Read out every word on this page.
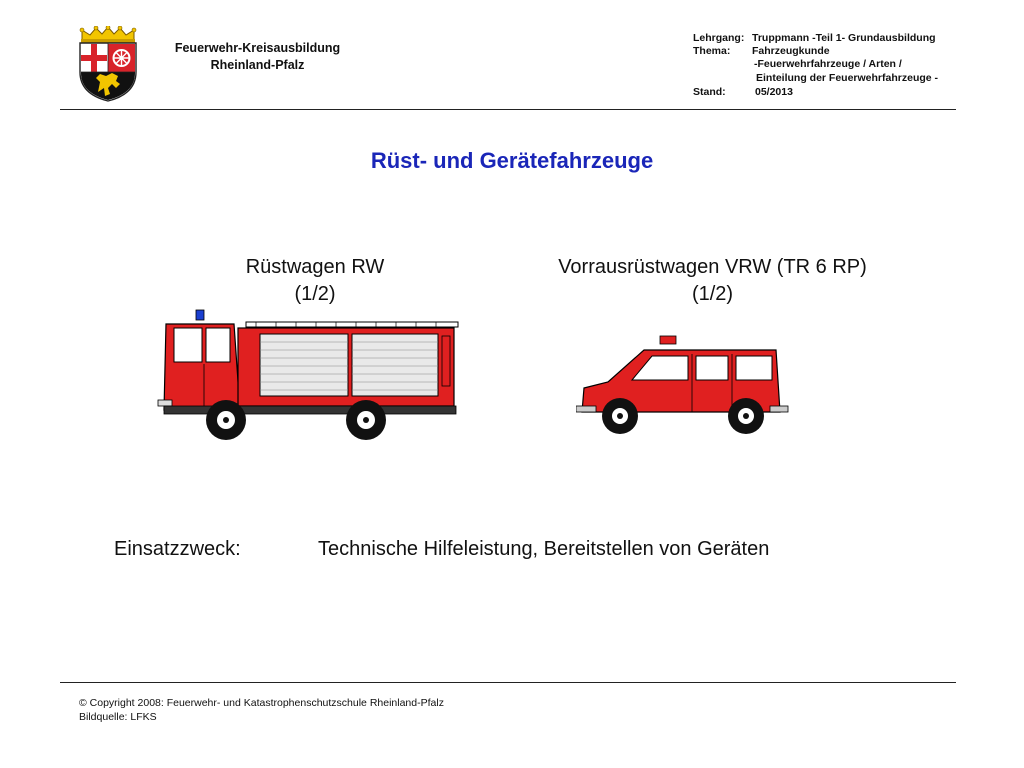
Feuerwehr-Kreisausbildung
Rheinland-Pfalz
Lehrgang: Truppmann -Teil 1- Grundausbildung
Thema: Fahrzeugkunde
-Feuerwehrfahrzeuge / Arten /
Einteilung der Feuerwehrfahrzeuge -
Stand:	05/2013
Rüst- und Gerätefahrzeuge
Rüstwagen RW
(1/2)
Vorrausrüstwagen VRW (TR 6 RP)
(1/2)
Einsatzzweck:	Technische Hilfeleistung, Bereitstellen von Geräten
© Copyright 2008: Feuerwehr- und Katastrophenschutzschule Rheinland-Pfalz
Bildquelle: LFKS
